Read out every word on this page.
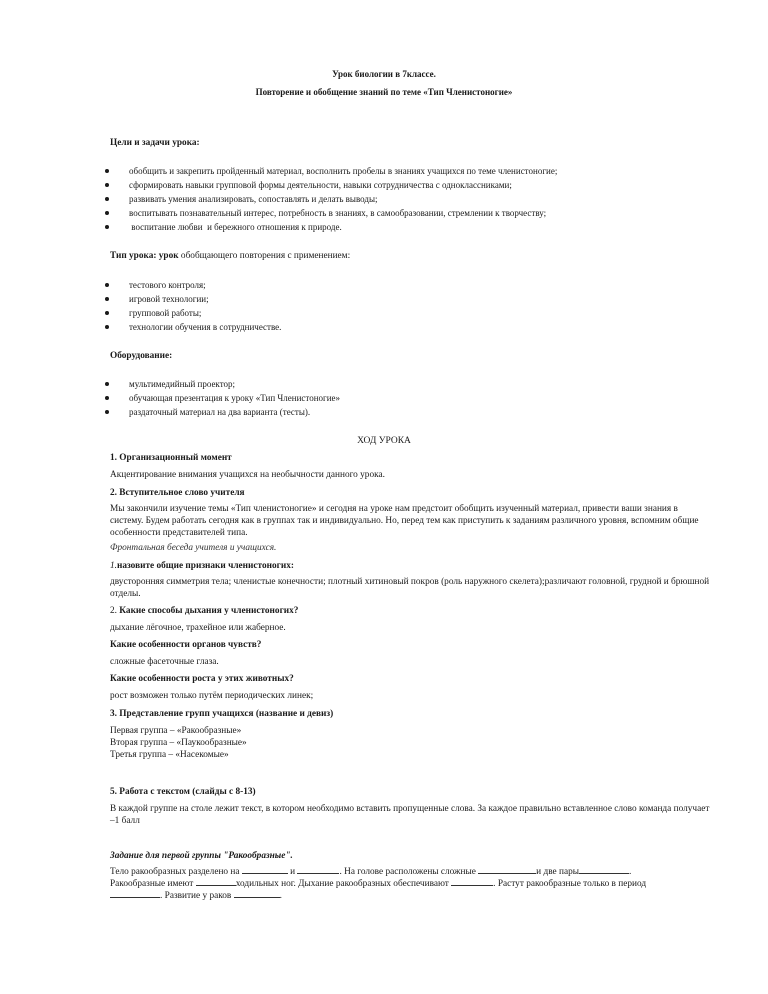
Урок биологии в 7классе.
Повторение и обобщение знаний по теме «Тип Членистоногие»
Цели и задачи урока:
обобщить и закрепить пройденный материал, восполнить пробелы в знаниях учащихся по теме членистоногие;
сформировать навыки групповой формы деятельности, навыки сотрудничества с одноклассниками;
развивать умения анализировать, сопоставлять и делать выводы;
воспитывать познавательный интерес, потребность в знаниях, в самообразовании, стремлении к творчеству;
воспитание любви  и бережного отношения к природе.
Тип урока: урок обобщающего повторения с применением:
тестового контроля;
игровой технологии;
групповой работы;
технологии обучения в сотрудничестве.
Оборудование:
мультимедийный проектор;
обучающая презентация к уроку «Тип Членистоногие»
раздаточный материал на два варианта (тесты).
ХОД УРОКА
1. Организационный момент
Акцентирование внимания учащихся на необычности данного урока.
2. Вступительное слово учителя
Мы закончили изучение темы «Тип членистоногие» и сегодня на уроке нам предстоит обобщить изученный материал, привести ваши знания в систему. Будем работать сегодня как в группах так и индивидуально. Но, перед тем как приступить к заданиям различного уровня, вспомним общие особенности представителей типа.
Фронтальная беседа учителя и учащихся.
1.назовите общие признаки членистоногих:
двусторонняя симметрия тела; членистые конечности; плотный хитиновый покров (роль наружного скелета);различают головной, грудной и брюшной отделы.
2. Какие способы дыхания у членистоногих?
дыхание лёгочное, трахейное или жаберное.
Какие особенности органов чувств?
сложные фасеточные глаза.
Какие особенности роста у этих животных?
рост возможен только путём периодических линек;
3. Представление групп учащихся (название и девиз)
Первая группа – «Ракообразные»
Вторая группа – «Паукообразные»
Третья группа – «Насекомые»
5. Работа с текстом (слайды с 8-13)
В каждой группе на столе лежит текст, в котором необходимо вставить пропущенные слова. За каждое правильно вставленное слово команда получает –1 балл
Задание для первой группы "Ракообразные".
Тело ракообразных разделено на	и	. На голове расположены сложные	и две пары	.
Ракообразные имеют	ходильных ног. Дыхание ракообразных обеспечивают	. Растут ракообразные только в период
. Развитие у раков	.
